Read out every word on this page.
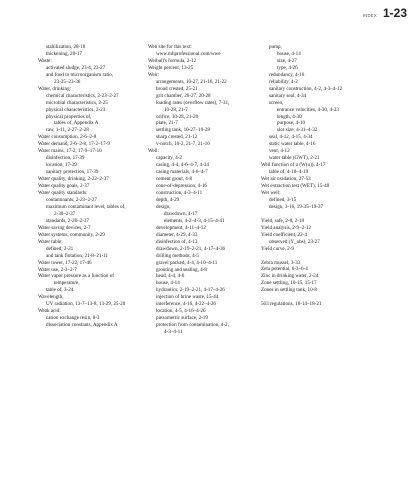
INDEX 1-23
stabilization, 28-18
thickening, 28-17
Waste:
activated sludge, 23-4, 23-27
and food to microorganism ratio,
23-35–23-36
Water, drinking:
chemical characteristics, 2-23–2-27
microbial characteristics, 2-25
physical characteristics, 2-23
physical properties of,
tables of, Appendix A
raw, 1-11, 2-27–2-28
Water consumption, 2-6–2-8
Water demand, 2-6–2-8, 17-2–17-9
Water mains, 17-2, 17-9–17-10
disinfection, 17-39
location, 17-39
sanitary protection, 17-39
Water quality, drinking, 2-22–2-37
Water quality goals, 2-37
Water quality standards:
contaminants, 2-23–2-27
maximum contaminant level, tables of,
2-30–2-37
standards, 2-28–2-37
Water saving devices, 2-7
Water systems, community, 2-29
Water table:
defined, 2-21
and tank flotation, 21-8–21-11
Water tower, 17-22, 17-46
Water use, 2-3–2-7
Water vapor pressure as a function of
temperature,
table of, 3-24
Wavelength,
UV radiation, 13-7–13-8, 13-29, 25-20
Weak acid:
cation exchange resin, 8-3
dissociation constants, Appendix A
Web site for this text:
www.mhprofessional.com/wwe
Weibull's formula, 2-12
Weight percent, 13-25
Weir:
arrangements, 10-27, 21-16, 21-22
broad crested, 25-21
grit chamber, 20-27, 20-28
loading rates (overflow rates), 7-31,
10-28, 21-7
orifice, 10-28, 21-20
plate, 21-7
settling tank, 10-27–10-28
sharp crested, 21-12
v-notch, 10-2, 21-7, 21-16
Well:
capacity, 4-2
casing, 4-4, 4-6–4-7, 4-34
casing materials, 4-6–4-7
cement grout, 4-8
cone-of-depression, 4-16
construction, 4-3–4-11
depth, 4-29
design,
drawdown, 4-17
elements, 4-2–4-3, 4-15–4-41
development, 4-11–4-12
diameter, 4-29, 4-33
disinfection of, 4-13
drawdown, 2-19–2-21, 4-17–4-36
drilling methods, 4-5
gravel packed, 4-4, 4-10–4-11
grouting and sealing, 4-8
head, 4-4, 4-6
house, 4-14
hydraulics, 2-19–2-21, 4-17–4-26
injection of brine waste, 15-44
interference, 4-16, 4-22–4-26
location, 4-5, 4-16–4-26
piezometric surface, 2-19
protection from contamination, 4-2,
4-3–4-11
pump,
house, 4-14
size, 4-27
type, 4-26
redundancy, 4-16
reliability, 4-2
sanitary construction, 4-2, 4-3–4-12
sanitary seal, 4-34
screen,
entrance velocities, 4-30, 4-33
length, 4-30
purpose, 4-10
slot size, 4-31–4-32
seal, 4-12, 4-15, 4-34
static water table, 4-16
vent, 4-12
water table (GWT), 2-21
Well function of u (W(u)), 4-17
table of, 4-18–4-19
Wet air oxidation, 27-53
Wet extraction test (WET), 15-48
Wet well:
defined, 3-15
design, 3-16, 19-35–19-37
Yield, safe, 2-8, 2-18
Yield analysis, 2-9–2-12
Yield coefficient, 22-4
observed (Y_obs), 23-27
Yield curve, 2-9
Zebra mussel, 3-33
Zeta potential, 6-3–6-4
Zinc in drinking water, 2-24
Zone settling, 10-15, 15-17
Zones in settling tank, 10-8
503 regulations, 18-14–18-21
